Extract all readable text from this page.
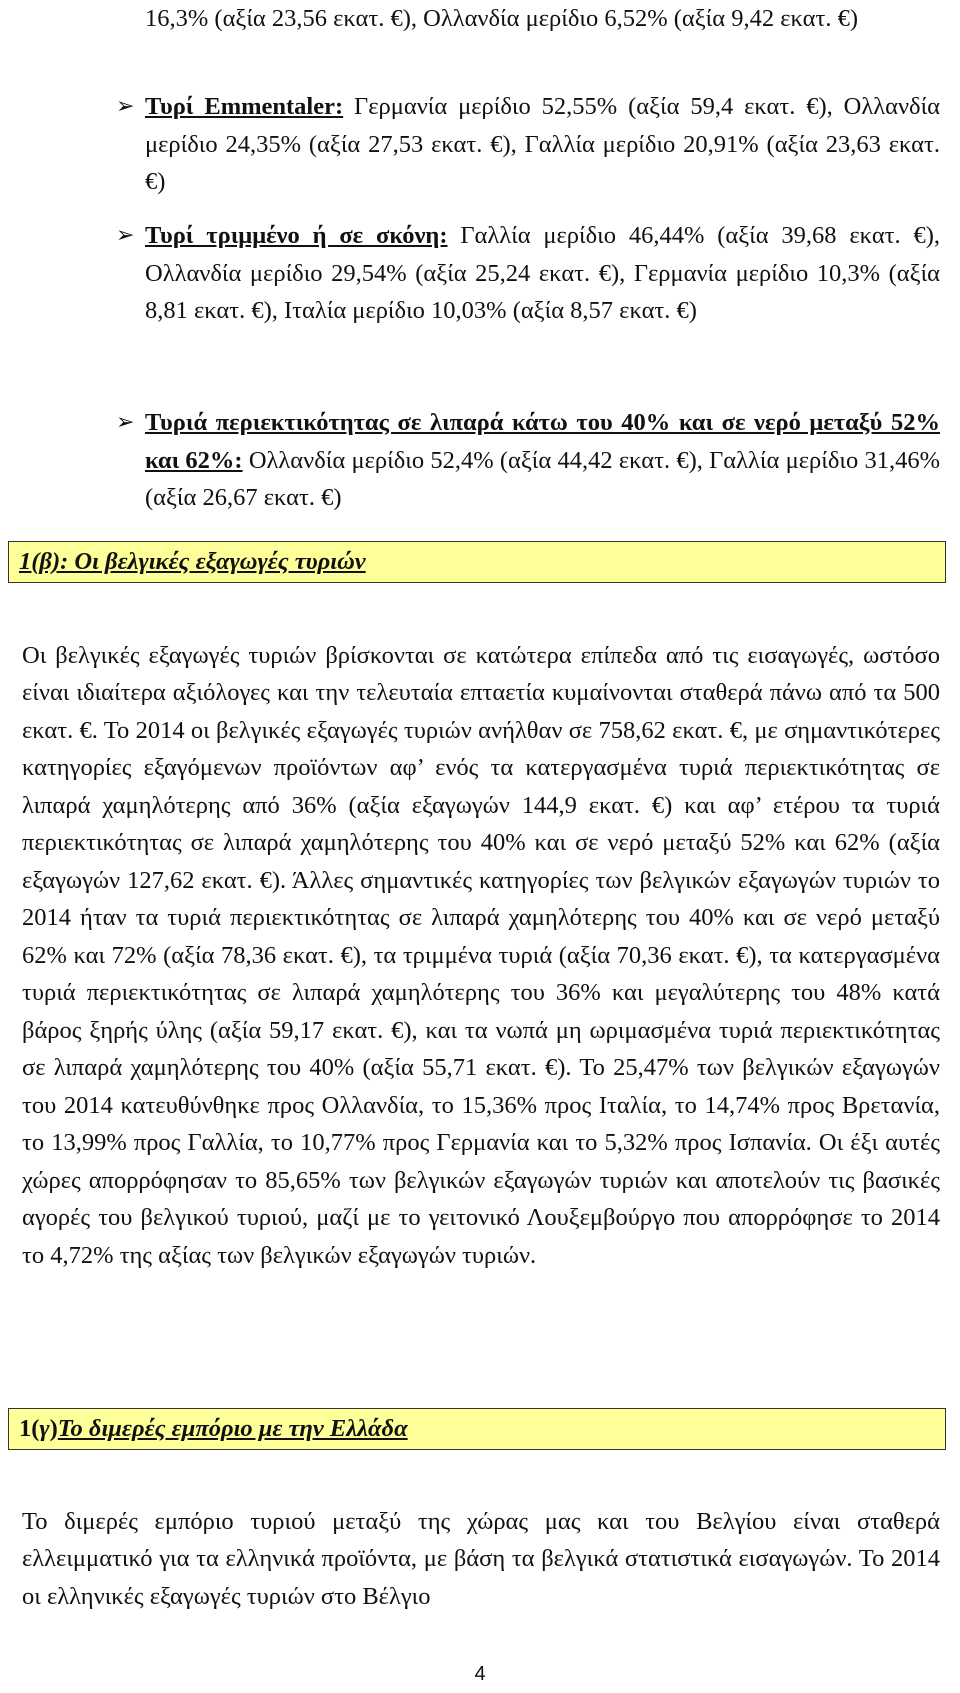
16,3% (αξία 23,56 εκατ. €), Ολλανδία μερίδιο 6,52% (αξία 9,42 εκατ. €)

➢ Τυρί Emmentaler: Γερμανία μερίδιο 52,55% (αξία 59,4 εκατ. €), Ολλανδία μερίδιο 24,35% (αξία 27,53 εκατ. €), Γαλλία μερίδιο 20,91% (αξία 23,63 εκατ. €)
➢ Τυρί τριμμένο ή σε σκόνη: Γαλλία μερίδιο 46,44% (αξία 39,68 εκατ. €), Ολλανδία μερίδιο 29,54% (αξία 25,24 εκατ. €), Γερμανία μερίδιο 10,3% (αξία 8,81 εκατ. €), Ιταλία μερίδιο 10,03% (αξία 8,57 εκατ. €)
➢ Τυριά περιεκτικότητας σε λιπαρά κάτω του 40% και σε νερό μεταξύ 52% και 62%: Ολλανδία μερίδιο 52,4% (αξία 44,42 εκατ. €), Γαλλία μερίδιο 31,46% (αξία 26,67 εκατ. €)
1(β): Οι βελγικές εξαγωγές τυριών

Οι βελγικές εξαγωγές τυριών βρίσκονται σε κατώτερα επίπεδα από τις εισαγωγές, ωστόσο είναι ιδιαίτερα αξιόλογες και την τελευταία επταετία κυμαίνονται σταθερά πάνω από τα 500 εκατ. €. Το 2014 οι βελγικές εξαγωγές τυριών ανήλθαν σε 758,62 εκατ. €, με σημαντικότερες κατηγορίες εξαγόμενων προϊόντων αφ’ ενός τα κατεργασμένα τυριά περιεκτικότητας σε λιπαρά χαμηλότερης από 36% (αξία εξαγωγών 144,9 εκατ. €) και αφ’ ετέρου τα τυριά περιεκτικότητας σε λιπαρά χαμηλότερης του 40% και σε νερό μεταξύ 52% και 62% (αξία εξαγωγών 127,62 εκατ. €). Άλλες σημαντικές κατηγορίες των βελγικών εξαγωγών τυριών το 2014 ήταν τα τυριά περιεκτικότητας σε λιπαρά χαμηλότερης του 40% και σε νερό μεταξύ 62% και 72% (αξία 78,36 εκατ. €), τα τριμμένα τυριά (αξία 70,36 εκατ. €), τα κατεργασμένα τυριά περιεκτικότητας σε λιπαρά χαμηλότερης του 36% και μεγαλύτερης του 48% κατά βάρος ξηρής ύλης (αξία 59,17 εκατ. €), και τα νωπά μη ωριμασμένα τυριά περιεκτικότητας σε λιπαρά χαμηλότερης του 40% (αξία 55,71 εκατ. €). Το 25,47% των βελγικών εξαγωγών του 2014 κατευθύνθηκε προς Ολλανδία, το 15,36% προς Ιταλία, το 14,74% προς Βρετανία, το 13,99% προς Γαλλία, το 10,77% προς Γερμανία και το 5,32% προς Ισπανία. Οι έξι αυτές χώρες απορρόφησαν το 85,65% των βελγικών εξαγωγών τυριών και αποτελούν τις βασικές αγορές του βελγικού τυριού, μαζί με το γειτονικό Λουξεμβούργο που απορρόφησε το 2014 το 4,72% της αξίας των βελγικών εξαγωγών τυριών.

1(γ)Το διμερές εμπόριο με την Ελλάδα

Το διμερές εμπόριο τυριού μεταξύ της χώρας μας και του Βελγίου είναι σταθερά ελλειμματικό για τα ελληνικά προϊόντα, με βάση τα βελγικά στατιστικά εισαγωγών. Το 2014 οι ελληνικές εξαγωγές τυριών στο Βέλγιο

4
